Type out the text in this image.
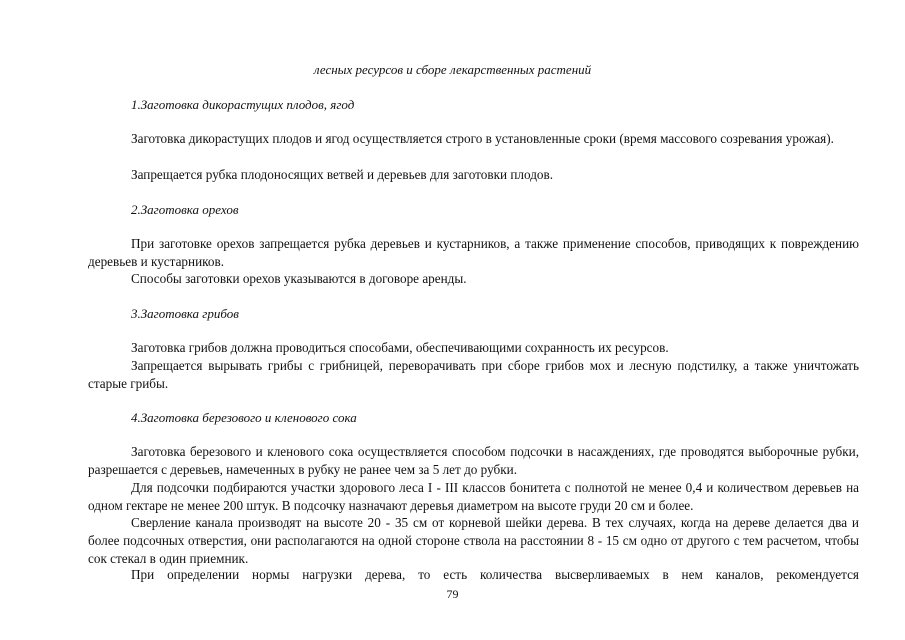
лесных ресурсов и сборе лекарственных растений
1.Заготовка дикорастущих плодов, ягод
Заготовка дикорастущих плодов и ягод осуществляется строго в установленные сроки (время массового созревания урожая).
Запрещается рубка плодоносящих ветвей и деревьев для заготовки плодов.
2.Заготовка орехов
При заготовке орехов запрещается рубка деревьев и кустарников, а также применение способов, приводящих к повреждению деревьев и кустарников.
Способы заготовки орехов указываются в договоре аренды.
3.Заготовка грибов
Заготовка грибов должна проводиться способами, обеспечивающими сохранность их ресурсов.
Запрещается вырывать грибы с грибницей, переворачивать при сборе грибов мох и лесную подстилку, а также уничтожать старые грибы.
4.Заготовка березового и кленового сока
Заготовка березового и кленового сока осуществляется способом подсочки в насаждениях, где проводятся выборочные рубки, разрешается с деревьев, намеченных в рубку не ранее чем за 5 лет до рубки.
Для подсочки подбираются участки здорового леса I - III классов бонитета с полнотой не менее 0,4 и количеством деревьев на одном гектаре не менее 200 штук. В подсочку назначают деревья диаметром на высоте груди 20 см и более.
Сверление канала производят на высоте 20 - 35 см от корневой шейки дерева. В тех случаях, когда на дереве делается два и более подсочных отверстия, они располагаются на одной стороне ствола на расстоянии 8 - 15 см одно от другого с тем расчетом, чтобы сок стекал в один приемник.
При определении нормы нагрузки дерева, то есть количества высверливаемых в нем каналов, рекомендуется
79
